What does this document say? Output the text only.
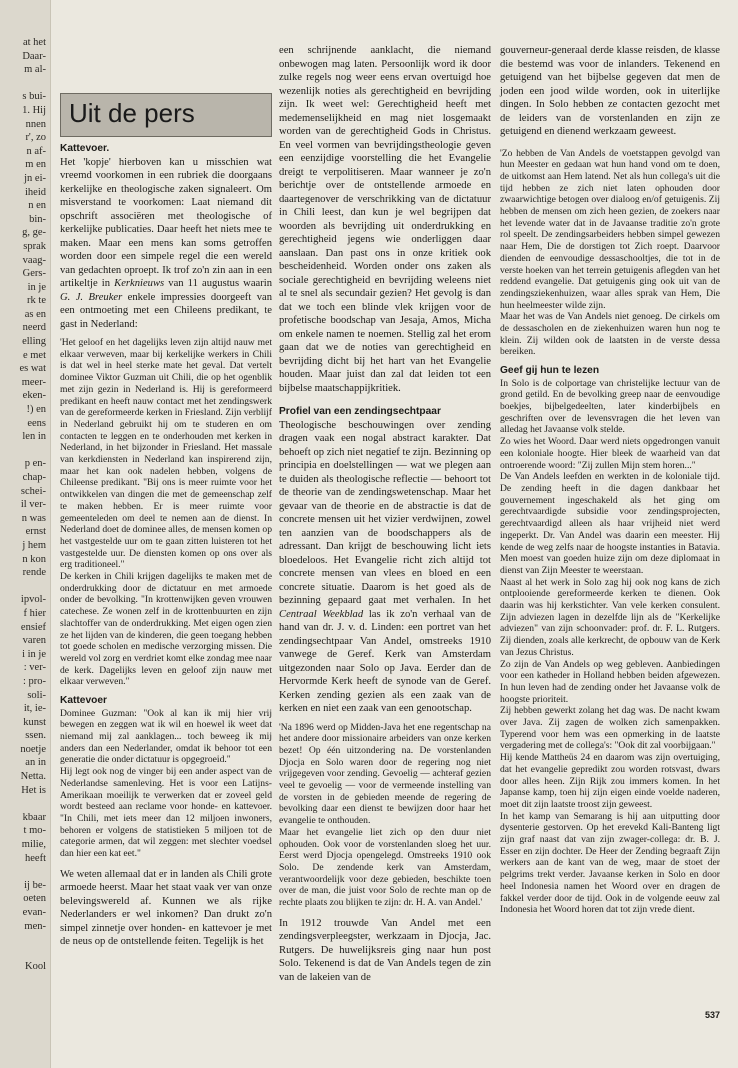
at het
Daar-
m al-

s bui-
1. Hij
nnen
r', zo
n af-
m en
jn ei-
iheid
n en
bin-
g, ge-
sprak
vaag-
Gers-
in je
rk te
as en
neerd
elling
e met
es wat
meer-
eken-
!) en
eens
len in

p en-
chap-
schei-
il ver-
n was
ernst
j hem
n kon
rende

ipvol-
f hier
ensief
varen
i in je
: ver-
: pro-
soli-
it, ie-
kunst
ssen.
noetje
an in
Netta.
Het is

kbaar
t mo-
milie,
heeft

ij be-
oeten
evan-
men-

Kool
Uit de pers
Kattevoer.

Het 'kopje' hierboven kan u misschien wat vreemd voorkomen in een rubriek die doorgaans kerkelijke en theologische zaken signaleert. Om misverstand te voorkomen: Laat niemand dit opschrift associëren met theologische of kerkelijke publicaties. Daar heeft het niets mee te maken. Maar een mens kan soms getroffen worden door een simpele regel die een wereld van gedachten oproept. Ik trof zo'n zin aan in een artikeltje in Kerknieuws van 11 augustus waarin G. J. Breuker enkele impressies doorgeeft van een ontmoeting met een Chileens predikant, te gast in Nederland:

'Het geloof en het dagelijks leven zijn altijd nauw met elkaar verweven, maar bij kerkelijke werkers in Chili is dat wel in heel sterke mate het geval. Dat vertelt dominee Viktor Guzman uit Chili, die op het ogenblik met zijn gezin in Nederland is. Hij is gereformeerd predikant en heeft nauw contact met het zendingswerk van de gereformeerde kerken in Friesland. Zijn verblijf in Nederland gebruikt hij om te studeren en om contacten te leggen en te onderhouden met kerken in Nederland, in het bijzonder in Friesland. Het massale van kerkdiensten in Nederland kan inspirerend zijn, maar het kan ook nadelen hebben, volgens de Chileense predikant. "Bij ons is meer ruimte voor het ontwikkelen van dingen die met de gemeenschap zelf te maken hebben. Er is meer ruimte voor gemeenteleden om deel te nemen aan de dienst. In Nederland doet de dominee alles, de mensen komen op het vastgestelde uur om te gaan zitten luisteren tot het vastgestelde uur. De diensten komen op ons over als erg traditioneel."

De kerken in Chili krijgen dagelijks te maken met de onderdrukking door de dictatuur en met armoede onder de bevolking. "In krottenwijken geven vrouwen catechese. Ze wonen zelf in de krottenbuurten en zijn slachtoffer van de onderdrukking. Met eigen ogen zien ze het lijden van de kinderen, die geen toegang hebben tot goede scholen en medische verzorging missen. Die wereld vol zorg en verdriet komt elke zondag mee naar de kerk. Dagelijks leven en geloof zijn nauw met elkaar verweven."

Kattevoer

Dominee Guzman: "Ook al kan ik mij hier vrij bewegen en zeggen wat ik wil en hoewel ik weet dat niemand mij zal aanklagen... toch beweeg ik mij anders dan een Nederlander, omdat ik behoor tot een generatie die onder dictatuur is opgegroeid."

Hij legt ook nog de vinger bij een ander aspect van de Nederlandse samenleving. Het is voor een Latijns-Amerikaan moeilijk te verwerken dat er zoveel geld wordt besteed aan reclame voor honde- en kattevoer. "In Chili, met iets meer dan 12 miljoen inwoners, behoren er volgens de statistieken 5 miljoen tot de categorie armen, dat wil zeggen: met slechter voedsel dan hier een kat eet."

We weten allemaal dat er in landen als Chili grote armoede heerst. Maar het staat vaak ver van onze belevingswereld af. Kunnen we als rijke Nederlanders er wel inkomen? Dan drukt zo'n simpel zinnetje over honden- en kattevoer je met de neus op de ontstellende feiten. Tegelijk is het

een schrijnende aanklacht, die niemand onbewogen mag laten. Persoonlijk word ik door zulke regels nog weer eens ervan overtuigd hoe wezenlijk noties als gerechtigheid en bevrijding zijn. Ik weet wel: Gerechtigheid heeft met medemenselijkheid en mag niet losgemaakt worden van de gerechtigheid Gods in Christus. En veel vormen van bevrijdingstheologie geven een eenzijdige voorstelling die het Evangelie dreigt te verpolitiseren. Maar wanneer je zo'n berichtje over de ontstellende armoede en daartegenover de verschrikking van de dictatuur in Chili leest, dan kun je wel begrijpen dat woorden als bevrijding uit onderdrukking en gerechtigheid jegens wie onderliggen daar aanslaan. Dan past ons in onze kritiek ook bescheidenheid. Worden onder ons zaken als sociale gerechtigheid en bevrijding weleens niet al te snel als secundair gezien? Het gevolg is dan dat we toch een blinde vlek krijgen voor de profetische boodschap van Jesaja, Amos, Micha om enkele namen te noemen. Stellig zal het erom gaan dat we de noties van gerechtigheid en bevrijding dicht bij het hart van het Evangelie houden. Maar juist dan zal dat leiden tot een bijbelse maatschappijkritiek.

Profiel van een zendingsechtpaar

Theologische beschouwingen over zending dragen vaak een nogal abstract karakter. Dat behoeft op zich niet negatief te zijn. Bezinning op principia en doelstellingen — wat we plegen aan te duiden als theologische reflectie — behoort tot de theorie van de zendingswetenschap. Maar het gevaar van de theorie en de abstractie is dat de concrete mensen uit het vizier verdwijnen, zowel ten aanzien van de boodschappers als de adressant. Dan krijgt de beschouwing licht iets bloedeloos. Het Evangelie richt zich altijd tot concrete mensen van vlees en bloed en een concrete situatie. Daarom is het goed als de bezinning gepaard gaat met verhalen. In het Centraal Weekblad las ik zo'n verhaal van de hand van dr. J. v. d. Linden: een portret van het zendingsechtpaar Van Andel, omstreeks 1910 vanwege de Geref. Kerk van Amsterdam uitgezonden naar Solo op Java. Eerder dan de Hervormde Kerk heeft de synode van de Geref. Kerken zending gezien als een zaak van de kerken en niet een zaak van een genootschap.

'Na 1896 werd op Midden-Java het ene regentschap na het andere door missionaire arbeiders van onze kerken bezet! Op één uitzondering na. De vorstenlanden Djocja en Solo waren door de regering nog niet vrijgegeven voor zending. Gevoelig — achteraf gezien veel te gevoelig — voor de vermeende instelling van de vorsten in de gebieden meende de regering de bevolking daar een dienst te bewijzen door haar het evangelie te onthouden.

Maar het evangelie liet zich op den duur niet ophouden. Ook voor de vorstenlanden sloeg het uur. Eerst werd Djocja opengelegd. Omstreeks 1910 ook Solo. De zendende kerk van Amsterdam, verantwoordelijk voor deze gebieden, beschikte toen over de man, die juist voor Solo de rechte man op de rechte plaats zou blijken te zijn: dr. H. A. van Andel.'

In 1912 trouwde Van Andel met een zendingsverpleegster, werkzaam in Djocja, Jac. Rutgers. De huwelijksreis ging naar hun post Solo. Tekenend is dat de Van Andels tegen de zin van de lakeien van de

gouverneur-generaal derde klasse reisden, de klasse die bestemd was voor de inlanders. Tekenend en getuigend van het bijbelse gegeven dat men de joden een jood wilde worden, ook in uiterlijke dingen. In Solo hebben ze contacten gezocht met de leiders van de vorstenlanden en zijn ze getuigend en dienend werkzaam geweest.

'Zo hebben de Van Andels de voetstappen gevolgd van hun Meester en gedaan wat hun hand vond om te doen, de uitkomst aan Hem latend. Net als hun collega's uit die tijd hebben ze zich niet laten ophouden door zwaarwichtige betogen over dialoog en/of getuigenis. Zij hebben de mensen om zich heen gezien, de zoekers naar het levende water dat in de Javaanse traditie zo'n grote rol speelt. De zendingsarbeiders hebben simpel gewezen naar Hem, Die de dorstigen tot Zich roept. Daarvoor dienden de eenvoudige dessaschooltjes, die tot in de verste hoeken van het terrein getuigenis aflegden van het reddend evangelie. Dat getuigenis ging ook uit van de zendingsziekenhuizen, waar alles sprak van Hem, Die hun heelmeester wilde zijn.

Maar het was de Van Andels niet genoeg. De cirkels om de dessascholen en de ziekenhuizen waren hun nog te klein. Zij wilden ook de laatsten in de verste dessa bereiken.

Geef gij hun te lezen

In Solo is de colportage van christelijke lectuur van de grond getild. En de bevolking greep naar de eenvoudige boekjes, bijbelgedeelten, later kinderbijbels en geschriften over de levensvragen die het leven van alledag het Javaanse volk stelde.

Zo wies het Woord. Daar werd niets opgedrongen vanuit een koloniale hoogte. Hier bleek de waarheid van dat ontroerende woord: "Zij zullen Mijn stem horen..."

De Van Andels leefden en werkten in de koloniale tijd. De zending heeft in die dagen dankbaar het gouvernement ingeschakeld als het ging om gerechtvaardigde subsidie voor zendingsprojecten, gerechtvaardigd alleen als haar vrijheid niet werd ingeperkt. Dr. Van Andel was daarin een meester. Hij kende de weg zelfs naar de hoogste instanties in Batavia. Men moest van goeden huize zijn om deze diplomaat in dienst van Zijn Meester te weerstaan.

Naast al het werk in Solo zag hij ook nog kans de zich ontplooiende gereformeerde kerken te dienen. Ook daarin was hij kerkstichter. Van vele kerken consulent. Zijn adviezen lagen in dezelfde lijn als de "Kerkelijke adviezen" van zijn schoonvader: prof. dr. F. L. Rutgers. Zij dienden, zoals alle kerkrecht, de opbouw van de Kerk van Jezus Christus.

Zo zijn de Van Andels op weg gebleven. Aanbiedingen voor een katheder in Holland hebben beiden afgewezen. In hun leven had de zending onder het Javaanse volk de hoogste prioriteit.

Zij hebben gewerkt zolang het dag was. De nacht kwam over Java. Zij zagen de wolken zich samenpakken. Typerend voor hem was een opmerking in de laatste vergadering met de collega's: "Ook dit zal voorbijgaan."

Hij kende Mattheüs 24 en daarom was zijn overtuiging, dat het evangelie gepredikt zou worden rotsvast, dwars door alles heen. Zijn Rijk zou immers komen. In het Japanse kamp, toen hij zijn eigen einde voelde naderen, moet dit zijn laatste troost zijn geweest.

In het kamp van Semarang is hij aan uitputting door dysenterie gestorven. Op het erevekd Kali-Banteng ligt zijn graf naast dat van zijn zwager-collega: dr. B. J. Esser en zijn dochter. De Heer der Zending begraaft Zijn werkers aan de kant van de weg, maar de stoet der pelgrims trekt verder. Javaanse kerken in Solo en door heel Indonesia namen het Woord over en dragen de fakkel verder door de tijd. Ook in de volgende eeuw zal Indonesia het Woord horen dat tot zijn vrede dient.

537
